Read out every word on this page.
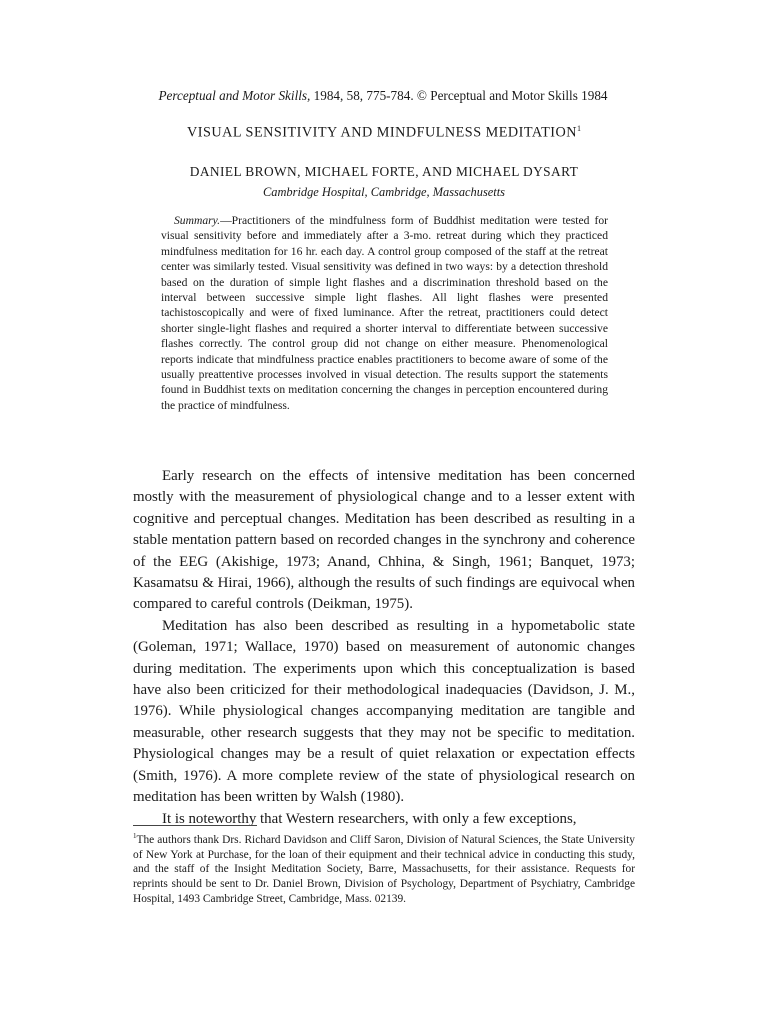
Perceptual and Motor Skills, 1984, 58, 775-784. © Perceptual and Motor Skills 1984
VISUAL SENSITIVITY AND MINDFULNESS MEDITATION$^1$
DANIEL BROWN, MICHAEL FORTE, AND MICHAEL DYSART
Cambridge Hospital, Cambridge, Massachusetts
Summary.—Practitioners of the mindfulness form of Buddhist meditation were tested for visual sensitivity before and immediately after a 3-mo. retreat during which they practiced mindfulness meditation for 16 hr. each day. A control group composed of the staff at the retreat center was similarly tested. Visual sensitivity was defined in two ways: by a detection threshold based on the duration of simple light flashes and a discrimination threshold based on the interval between successive simple light flashes. All light flashes were presented tachistoscopically and were of fixed luminance. After the retreat, practitioners could detect shorter single-light flashes and required a shorter interval to differentiate between successive flashes correctly. The control group did not change on either measure. Phenomenological reports indicate that mindfulness practice enables practitioners to become aware of some of the usually preattentive processes involved in visual detection. The results support the statements found in Buddhist texts on meditation concerning the changes in perception encountered during the practice of mindfulness.

Early research on the effects of intensive meditation has been concerned mostly with the measurement of physiological change and to a lesser extent with cognitive and perceptual changes. Meditation has been described as resulting in a stable mentation pattern based on recorded changes in the synchrony and coherence of the EEG (Akishige, 1973; Anand, Chhina, & Singh, 1961; Banquet, 1973; Kasamatsu & Hirai, 1966), although the results of such findings are equivocal when compared to careful controls (Deikman, 1975).

Meditation has also been described as resulting in a hypometabolic state (Goleman, 1971; Wallace, 1970) based on measurement of autonomic changes during meditation. The experiments upon which this conceptualization is based have also been criticized for their methodological inadequacies (Davidson, J. M., 1976). While physiological changes accompanying meditation are tangible and measurable, other research suggests that they may not be specific to meditation. Physiological changes may be a result of quiet relaxation or expectation effects (Smith, 1976). A more complete review of the state of physiological research on meditation has been written by Walsh (1980).

It is noteworthy that Western researchers, with only a few exceptions,

$^1$The authors thank Drs. Richard Davidson and Cliff Saron, Division of Natural Sciences, the State University of New York at Purchase, for the loan of their equipment and their technical advice in conducting this study, and the staff of the Insight Meditation Society, Barre, Massachusetts, for their assistance. Requests for reprints should be sent to Dr. Daniel Brown, Division of Psychology, Department of Psychiatry, Cambridge Hospital, 1493 Cambridge Street, Cambridge, Mass. 02139.
